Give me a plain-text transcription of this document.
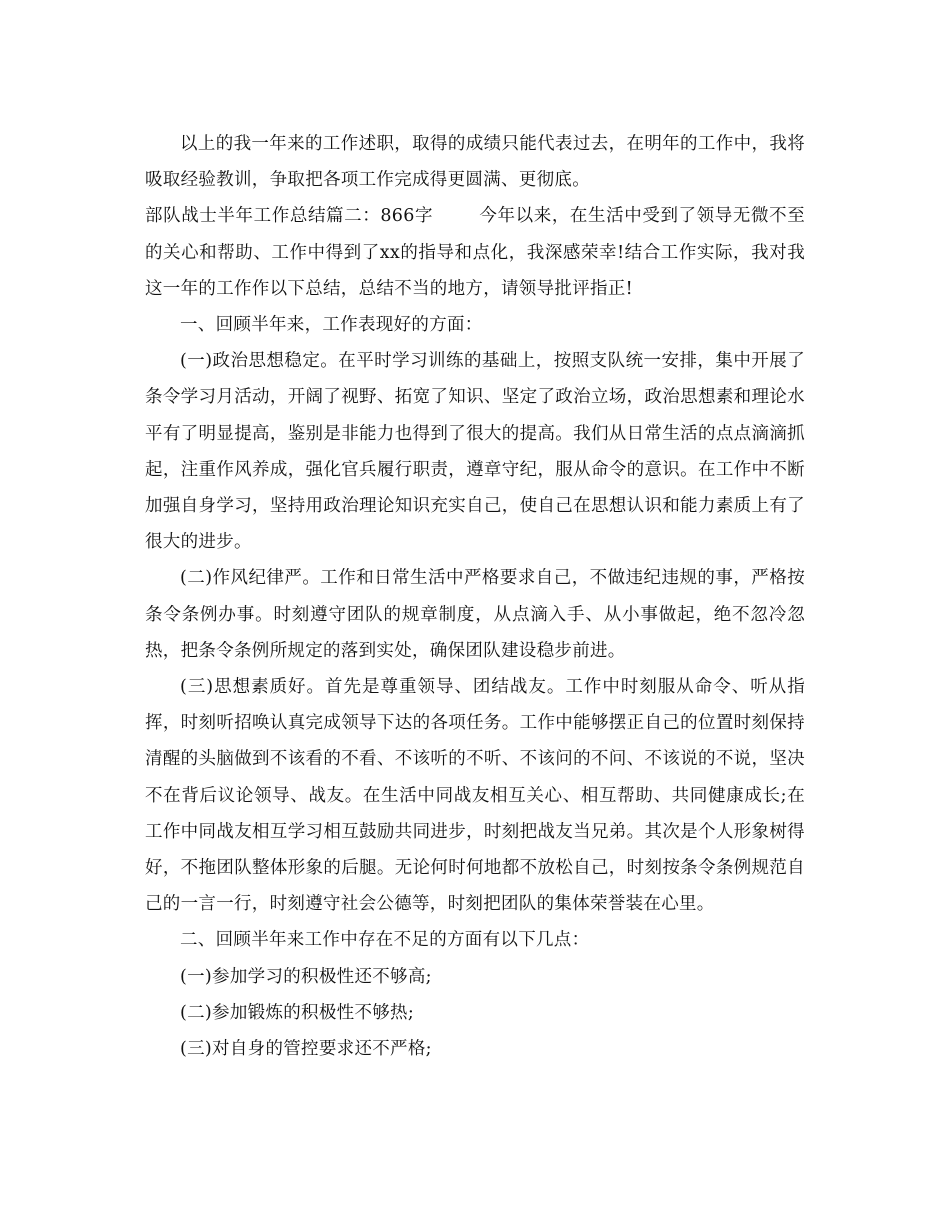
以上的我一年来的工作述职，取得的成绩只能代表过去，在明年的工作中，我将吸取经验教训，争取把各项工作完成得更圆满、更彻底。

部队战士半年工作总结篇二：866字	今年以来，在生活中受到了领导无微不至的关心和帮助、工作中得到了xx的指导和点化，我深感荣幸!结合工作实际，我对我这一年的工作作以下总结，总结不当的地方，请领导批评指正!

一、回顾半年来，工作表现好的方面：

(一)政治思想稳定。在平时学习训练的基础上，按照支队统一安排，集中开展了条令学习月活动，开阔了视野、拓宽了知识、坚定了政治立场，政治思想素和理论水平有了明显提高，鉴别是非能力也得到了很大的提高。我们从日常生活的点点滴滴抓起，注重作风养成，强化官兵履行职责，遵章守纪，服从命令的意识。在工作中不断加强自身学习，坚持用政治理论知识充实自己，使自己在思想认识和能力素质上有了很大的进步。

(二)作风纪律严。工作和日常生活中严格要求自己，不做违纪违规的事，严格按条令条例办事。时刻遵守团队的规章制度，从点滴入手、从小事做起，绝不忽冷忽热，把条令条例所规定的落到实处，确保团队建设稳步前进。

(三)思想素质好。首先是尊重领导、团结战友。工作中时刻服从命令、听从指挥，时刻听招唤认真完成领导下达的各项任务。工作中能够摆正自己的位置时刻保持清醒的头脑做到不该看的不看、不该听的不听、不该问的不问、不该说的不说，坚决不在背后议论领导、战友。在生活中同战友相互关心、相互帮助、共同健康成长;在工作中同战友相互学习相互鼓励共同进步，时刻把战友当兄弟。其次是个人形象树得好，不拖团队整体形象的后腿。无论何时何地都不放松自己，时刻按条令条例规范自己的一言一行，时刻遵守社会公德等，时刻把团队的集体荣誉装在心里。

二、回顾半年来工作中存在不足的方面有以下几点：

(一)参加学习的积极性还不够高;

(二)参加锻炼的积极性不够热;

(三)对自身的管控要求还不严格;
